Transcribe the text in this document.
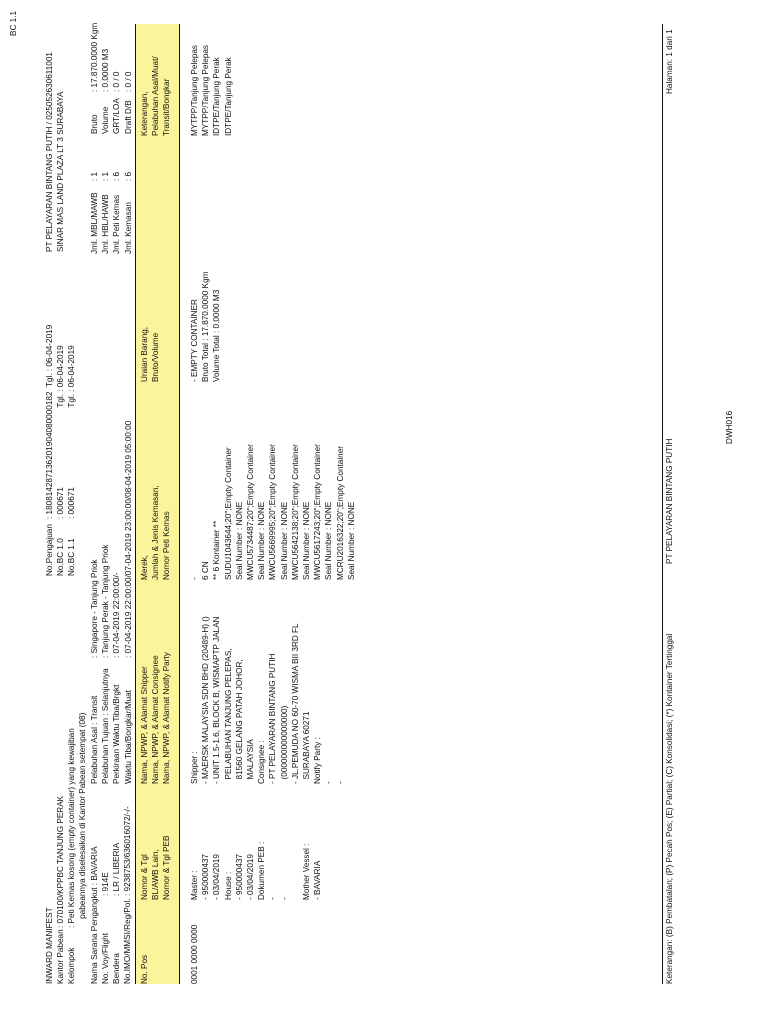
BC 1.1
INWARD MANIFEST Kantor Pabean
: 070100/KPPBC TANJUNG PERAK
Kelompok
: Peti Kemas kosong (empty container) yang kewajiban
pabeannya diselesaikan di Kantor Pabean setempat (08)
Nama Sarana Pengangkut : BAVARIA No. Voy/Flight
: 914E
Bendera
: LR / LIBERIA
No.IMO/MMSI/Reg/Pol.
: 9238753/636016072/-/-
Pelabuhan Asal : Transit
Pelabuhan Tujuan : Selanjutnya
Perkiraan Waktu Tiba/Brgkt
Waktu Tiba/Bongkar/Muat
: Singapore - Tanjung Priok
: Tanjung Perak - Tanjung Priok
: 07-04-2019 22:00:00/-
: 07-04-2019 22:00:00/07-04-2019 23:00:00/08-04-2019 05:00:00
No.Pengajuan
No.BC 1.0
No.BC 1.1
: 180814287136201904080000182  Tgl. : 06-04-2019
: 000671                                   Tgl. : 06-04-2019
: 000671                                   Tgl. : 06-04-2019
PT PELAYARAN BINTANG PUTIH / 025052630611001
SINAR MAS LAND PLAZA LT 3 SURABAYA
Jml. MBL/MAWB
Jml. HBL/HAWB
Jml. Peti Kemas
Jml. Kemasan
: 1
: 1
: 6
: 6
Bruto
Volume
GRT/LOA
Draft D/B
: 17.870.0000 Kgm
: 0.0000 M3
: 0 / 0
: 0 / 0
No. Pos
Nomor & Tgl
BL/AWB Lain,
Nomor & Tgl PEB
Nama, NPWP, & Alamat Shipper
Nama, NPWP, & Alamat Consignee
Nama, NPWP, & Alamat Notify Party
Merek,
Jumlah & Jenis Kemasan,
Nomor Peti Kemas
Uraian Barang,
Bruto/Volume
Keterangan,
Pelabuhan Asal/Muat/
Transit/Bongkar
0001 0000 0000
Master :
- 950000437
- 03/04/2019
House :
- 950000437
- 03/04/2019
Dokumen PEB :
-
-

Mother Vessel :
- BAVARIA
Shipper :
- MAERSK MALAYSIA SDN BHD (20489-H) ()
- UNIT 1.5-1.6, BLOCK B, WISMAPTP JALAN
PELABUHAN TANJUNG PELEPAS,
81560 GELANG PATAH JOHOR,
MALAYSIA
Consignee :
- PT PELAYARAN BINTANG PUTIH
(000000000000000)
- JL.PEMUDA NO 60-70 WISMA BII 3RD FL
SURABAYA 60271
Notify Party :
-
-
-
6 CN
** 6 Kontainer **
SUDU1043644;20";Empty Container
Seal Number : NONE
MWCU5734487;20";Empty Container
Seal Number : NONE
MWCU5669995;20";Empty Container
Seal Number : NONE
MWCU5642138;20";Empty Container
Seal Number : NONE
MWCU5617243;20";Empty Container
Seal Number : NONE
MCRU2016322;20";Empty Container
Seal Number : NONE
- EMPTY CONTAINER Bruto Total : 17.870.0000 Kgm
Volume Total : 0.0000 M3
MYTPP/Tanjung Pelepas
MYTPP/Tanjung Pelepas
IDTPE/Tanjung Perak
IDTPE/Tanjung Perak
Keterangan: (B) Pembatalan; (P) Pecah Pos; (E) Partial; (C) Konsolidasi; (*) Kontainer Tertinggal
PT PELAYARAN BINTANG PUTIH
Halaman: 1 dari 1
DWH016
